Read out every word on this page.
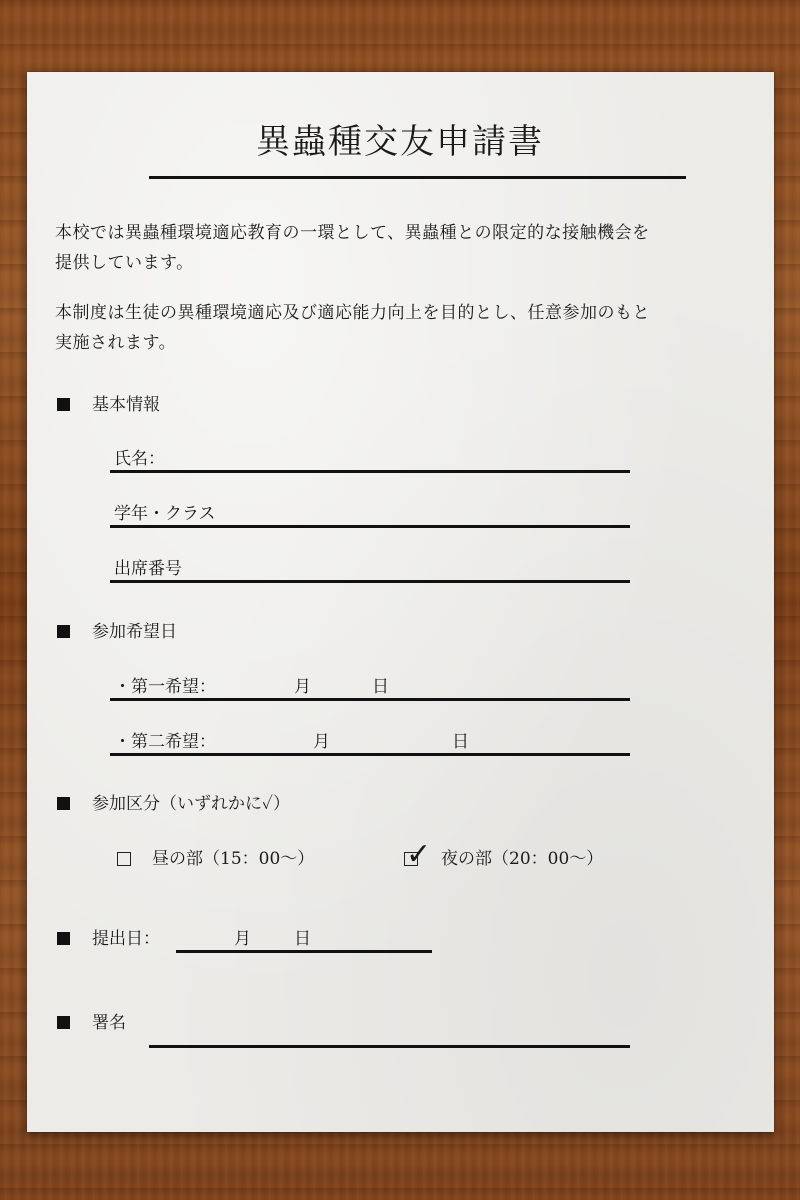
異蟲種交友申請書
本校では異蟲種環境適応教育の一環として、異蟲種との限定的な接触機会を
提供しています。
本制度は生徒の異種環境適応及び適応能力向上を目的とし、任意参加のもと
実施されます。
基本情報
氏名：
学年・クラス
出席番号
参加希望日
・第一希望：	月	日
・第二希望：	月	日
参加区分（いずれかに✓）
昼の部（15：00〜）	✓ 夜の部（20：00〜）
提出日：	月	日
署名
